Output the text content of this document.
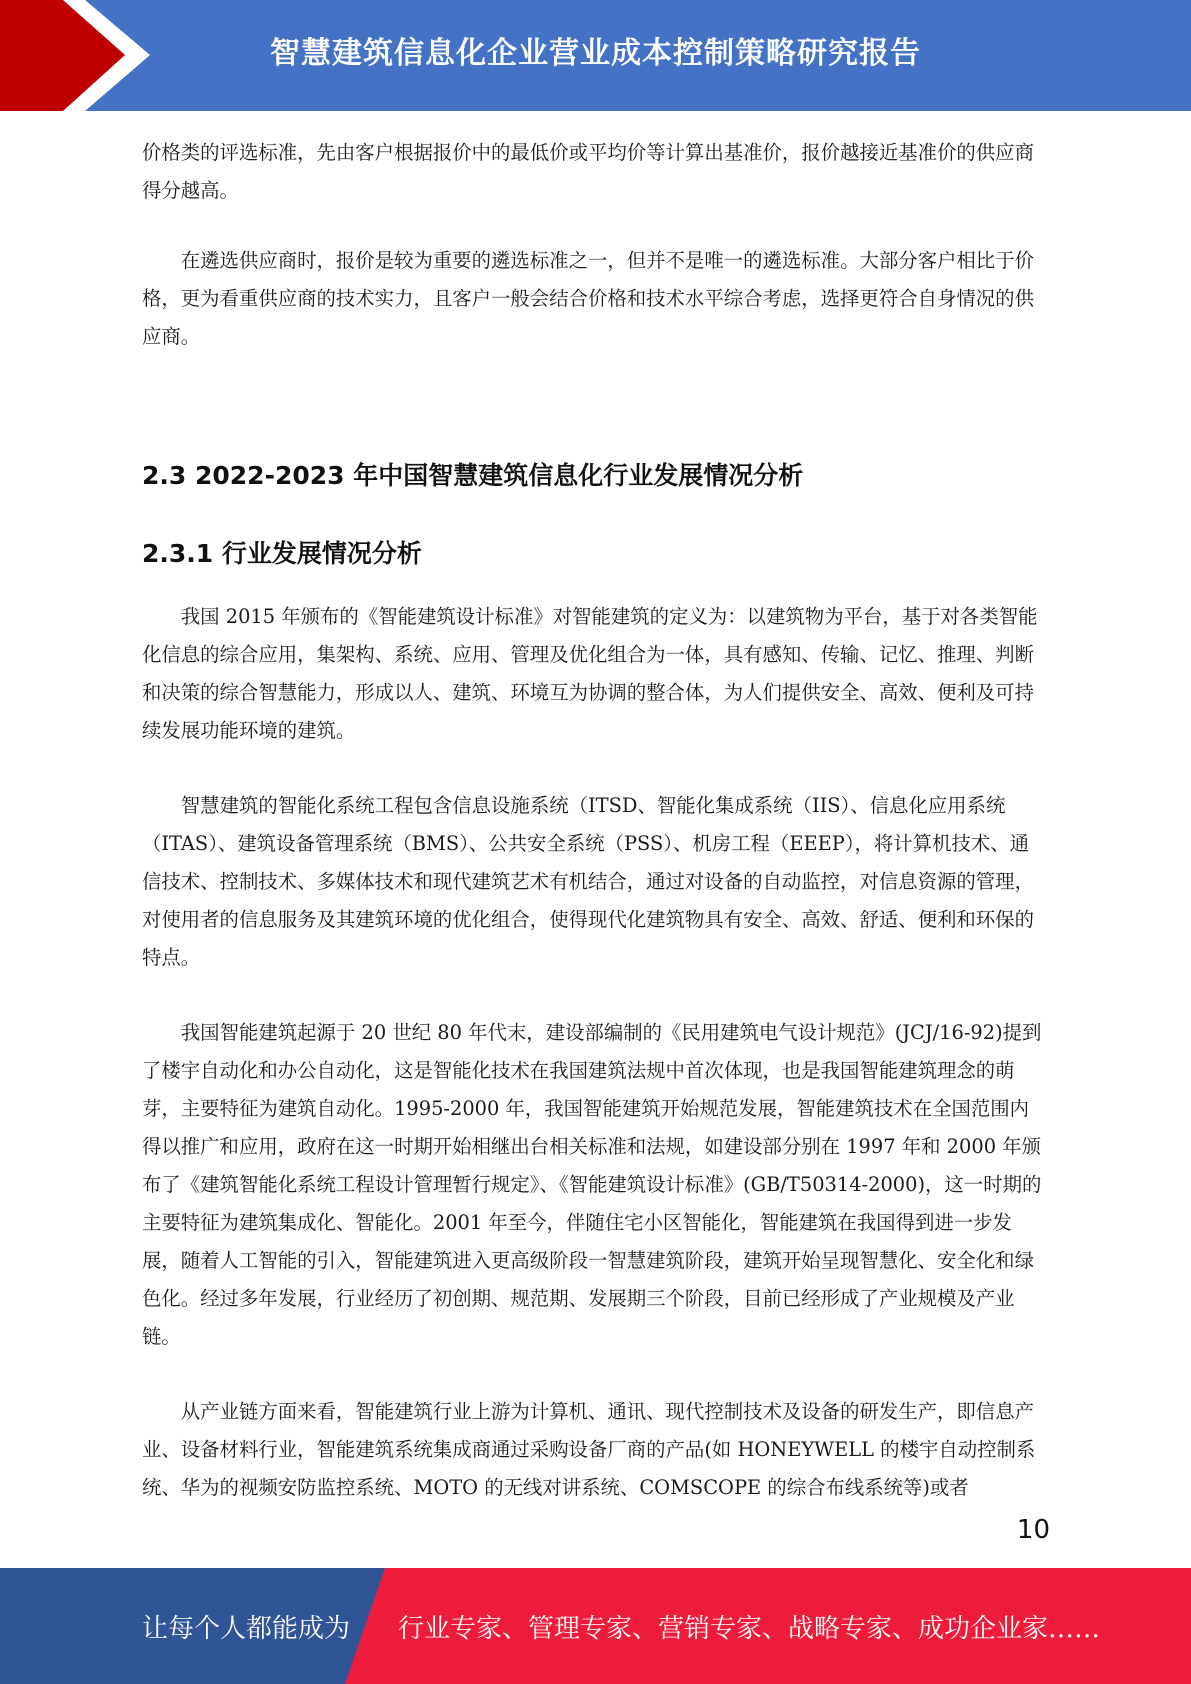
智慧建筑信息化企业营业成本控制策略研究报告

价格类的评选标准，先由客户根据报价中的最低价或平均价等计算出基准价，报价越接近基准价的供应商得分越高。

在遴选供应商时，报价是较为重要的遴选标准之一，但并不是唯一的遴选标准。大部分客户相比于价格，更为看重供应商的技术实力，且客户一般会结合价格和技术水平综合考虑，选择更符合自身情况的供应商。

2.3 2022-2023 年中国智慧建筑信息化行业发展情况分析
2.3.1 行业发展情况分析

我国 2015 年颁布的《智能建筑设计标准》对智能建筑的定义为：以建筑物为平台，基于对各类智能化信息的综合应用，集架构、系统、应用、管理及优化组合为一体，具有感知、传输、记忆、推理、判断和决策的综合智慧能力，形成以人、建筑、环境互为协调的整合体，为人们提供安全、高效、便利及可持续发展功能环境的建筑。

智慧建筑的智能化系统工程包含信息设施系统（ITSD、智能化集成系统（IIS）、信息化应用系统（ITAS）、建筑设备管理系统（BMS）、公共安全系统（PSS）、机房工程（EEEP），将计算机技术、通信技术、控制技术、多媒体技术和现代建筑艺术有机结合，通过对设备的自动监控，对信息资源的管理，对使用者的信息服务及其建筑环境的优化组合，使得现代化建筑物具有安全、高效、舒适、便利和环保的特点。

我国智能建筑起源于 20 世纪 80 年代末，建设部编制的《民用建筑电气设计规范》(JCJ/16-92)提到了楼宇自动化和办公自动化，这是智能化技术在我国建筑法规中首次体现，也是我国智能建筑理念的萌芽，主要特征为建筑自动化。1995-2000 年，我国智能建筑开始规范发展，智能建筑技术在全国范围内得以推广和应用，政府在这一时期开始相继出台相关标准和法规，如建设部分别在 1997 年和 2000 年颁布了《建筑智能化系统工程设计管理暂行规定》、《智能建筑设计标准》(GB/T50314-2000)，这一时期的主要特征为建筑集成化、智能化。2001 年至今，伴随住宅小区智能化，智能建筑在我国得到进一步发展，随着人工智能的引入，智能建筑进入更高级阶段一智慧建筑阶段，建筑开始呈现智慧化、安全化和绿色化。经过多年发展，行业经历了初创期、规范期、发展期三个阶段，目前已经形成了产业规模及产业链。

从产业链方面来看，智能建筑行业上游为计算机、通讯、现代控制技术及设备的研发生产，即信息产业、设备材料行业，智能建筑系统集成商通过采购设备厂商的产品(如 HONEYWELL 的楼宇自动控制系统、华为的视频安防监控系统、MOTO 的无线对讲系统、COMSCOPE 的综合布线系统等)或者

10
让每个人都能成为 行业专家、管理专家、营销专家、战略专家、成功企业家……
